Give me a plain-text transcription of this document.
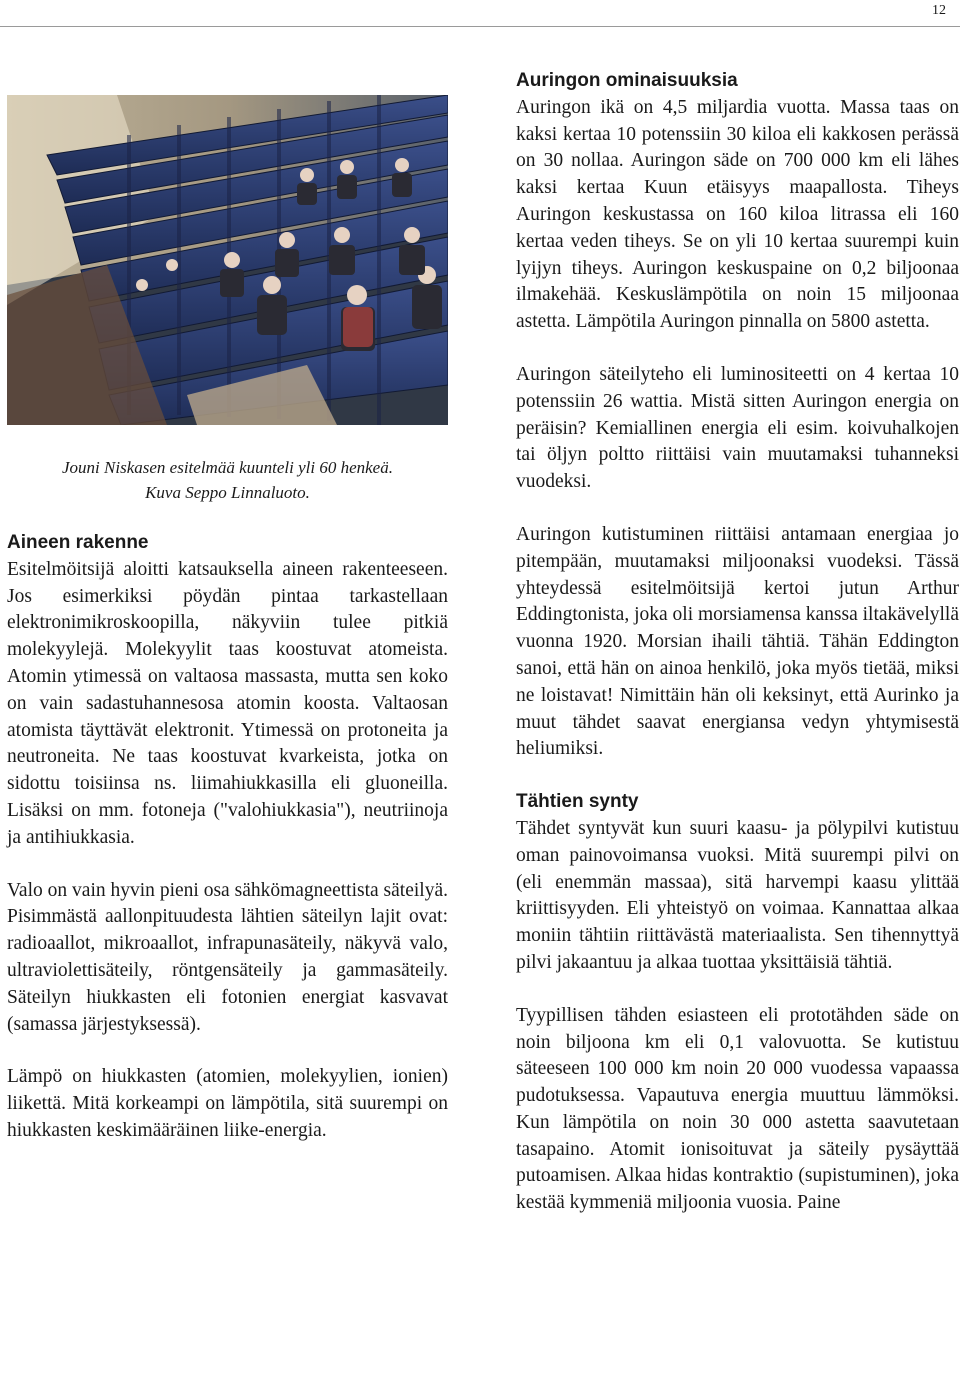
12
Jouni Niskasen esitelmää kuunteli yli 60 henkeä.
Kuva Seppo Linnaluoto.
Aineen rakenne

Esitelmöitsijä aloitti katsauksella aineen rakenteeseen. Jos esimerkiksi pöydän pintaa tarkastellaan elektronimikroskoopilla, näkyviin tulee pitkiä molekyylejä. Molekyylit taas koostuvat atomeista. Atomin ytimessä on valtaosa massasta, mutta sen koko on vain sadastuhannesosa atomin koosta. Valtaosan atomista täyttävät elektronit. Ytimessä on protoneita ja neutroneita. Ne taas koostuvat kvarkeista, jotka on sidottu toisiinsa ns. liimahiukkasilla eli gluoneilla. Lisäksi on mm. fotoneja ("valohiukkasia"), neutriinoja ja antihiukkasia.

Valo on vain hyvin pieni osa sähkömagneettista säteilyä. Pisimmästä aallonpituudesta lähtien säteilyn lajit ovat: radioaallot, mikroaallot, infrapunasäteily, näkyvä valo, ultraviolettisäteily, röntgensäteily ja gammasäteily. Säteilyn hiukkasten eli fotonien energiat kasvavat (samassa järjestyksessä).

Lämpö on hiukkasten (atomien, molekyylien, ionien) liikettä. Mitä korkeampi on lämpötila, sitä suurempi on hiukkasten keskimääräinen liike-energia.

Auringon ominaisuuksia

Auringon ikä on 4,5 miljardia vuotta. Massa taas on kaksi kertaa 10 potenssiin 30 kiloa eli kakkosen perässä on 30 nollaa. Auringon säde on 700 000 km eli lähes kaksi kertaa Kuun etäisyys maapallosta. Tiheys Auringon keskustassa on 160 kiloa litrassa eli 160 kertaa veden tiheys. Se on yli 10 kertaa suurempi kuin lyijyn tiheys. Auringon keskuspaine on 0,2 biljoonaa ilmakehää. Keskuslämpötila on noin 15 miljoonaa astetta. Lämpötila Auringon pinnalla on 5800 astetta.

Auringon säteilyteho eli luminositeetti on 4 kertaa 10 potenssiin 26 wattia. Mistä sitten Auringon energia on peräisin? Kemiallinen energia eli esim. koivuhalkojen tai öljyn poltto riittäisi vain muutamaksi tuhanneksi vuodeksi.

Auringon kutistuminen riittäisi antamaan energiaa jo pitempään, muutamaksi miljoonaksi vuodeksi. Tässä yhteydessä esitelmöitsijä kertoi jutun Arthur Eddingtonista, joka oli morsiamensa kanssa iltakävelyllä vuonna 1920. Morsian ihaili tähtiä. Tähän Eddington sanoi, että hän on ainoa henkilö, joka myös tietää, miksi ne loistavat! Nimittäin hän oli keksinyt, että Aurinko ja muut tähdet saavat energiansa vedyn yhtymisestä heliumiksi.

Tähtien synty

Tähdet syntyvät kun suuri kaasu- ja pölypilvi kutistuu oman painovoimansa vuoksi. Mitä suurempi pilvi on (eli enemmän massaa), sitä harvempi kaasu ylittää kriittisyyden. Eli yhteistyö on voimaa. Kannattaa alkaa moniin tähtiin riittävästä materiaalista. Sen tihennyttyä pilvi jakaantuu ja alkaa tuottaa yksittäisiä tähtiä.

Tyypillisen tähden esiasteen eli prototähden säde on noin biljoona km eli 0,1 valovuotta. Se kutistuu säteeseen 100 000 km noin 20 000 vuodessa vapaassa pudotuksessa. Vapautuva energia muuttuu lämmöksi. Kun lämpötila on noin 30 000 astetta saavutetaan tasapaino. Atomit ionisoituvat ja säteily pysäyttää putoamisen. Alkaa hidas kontraktio (supistuminen), joka kestää kymmeniä miljoonia vuosia. Paine
